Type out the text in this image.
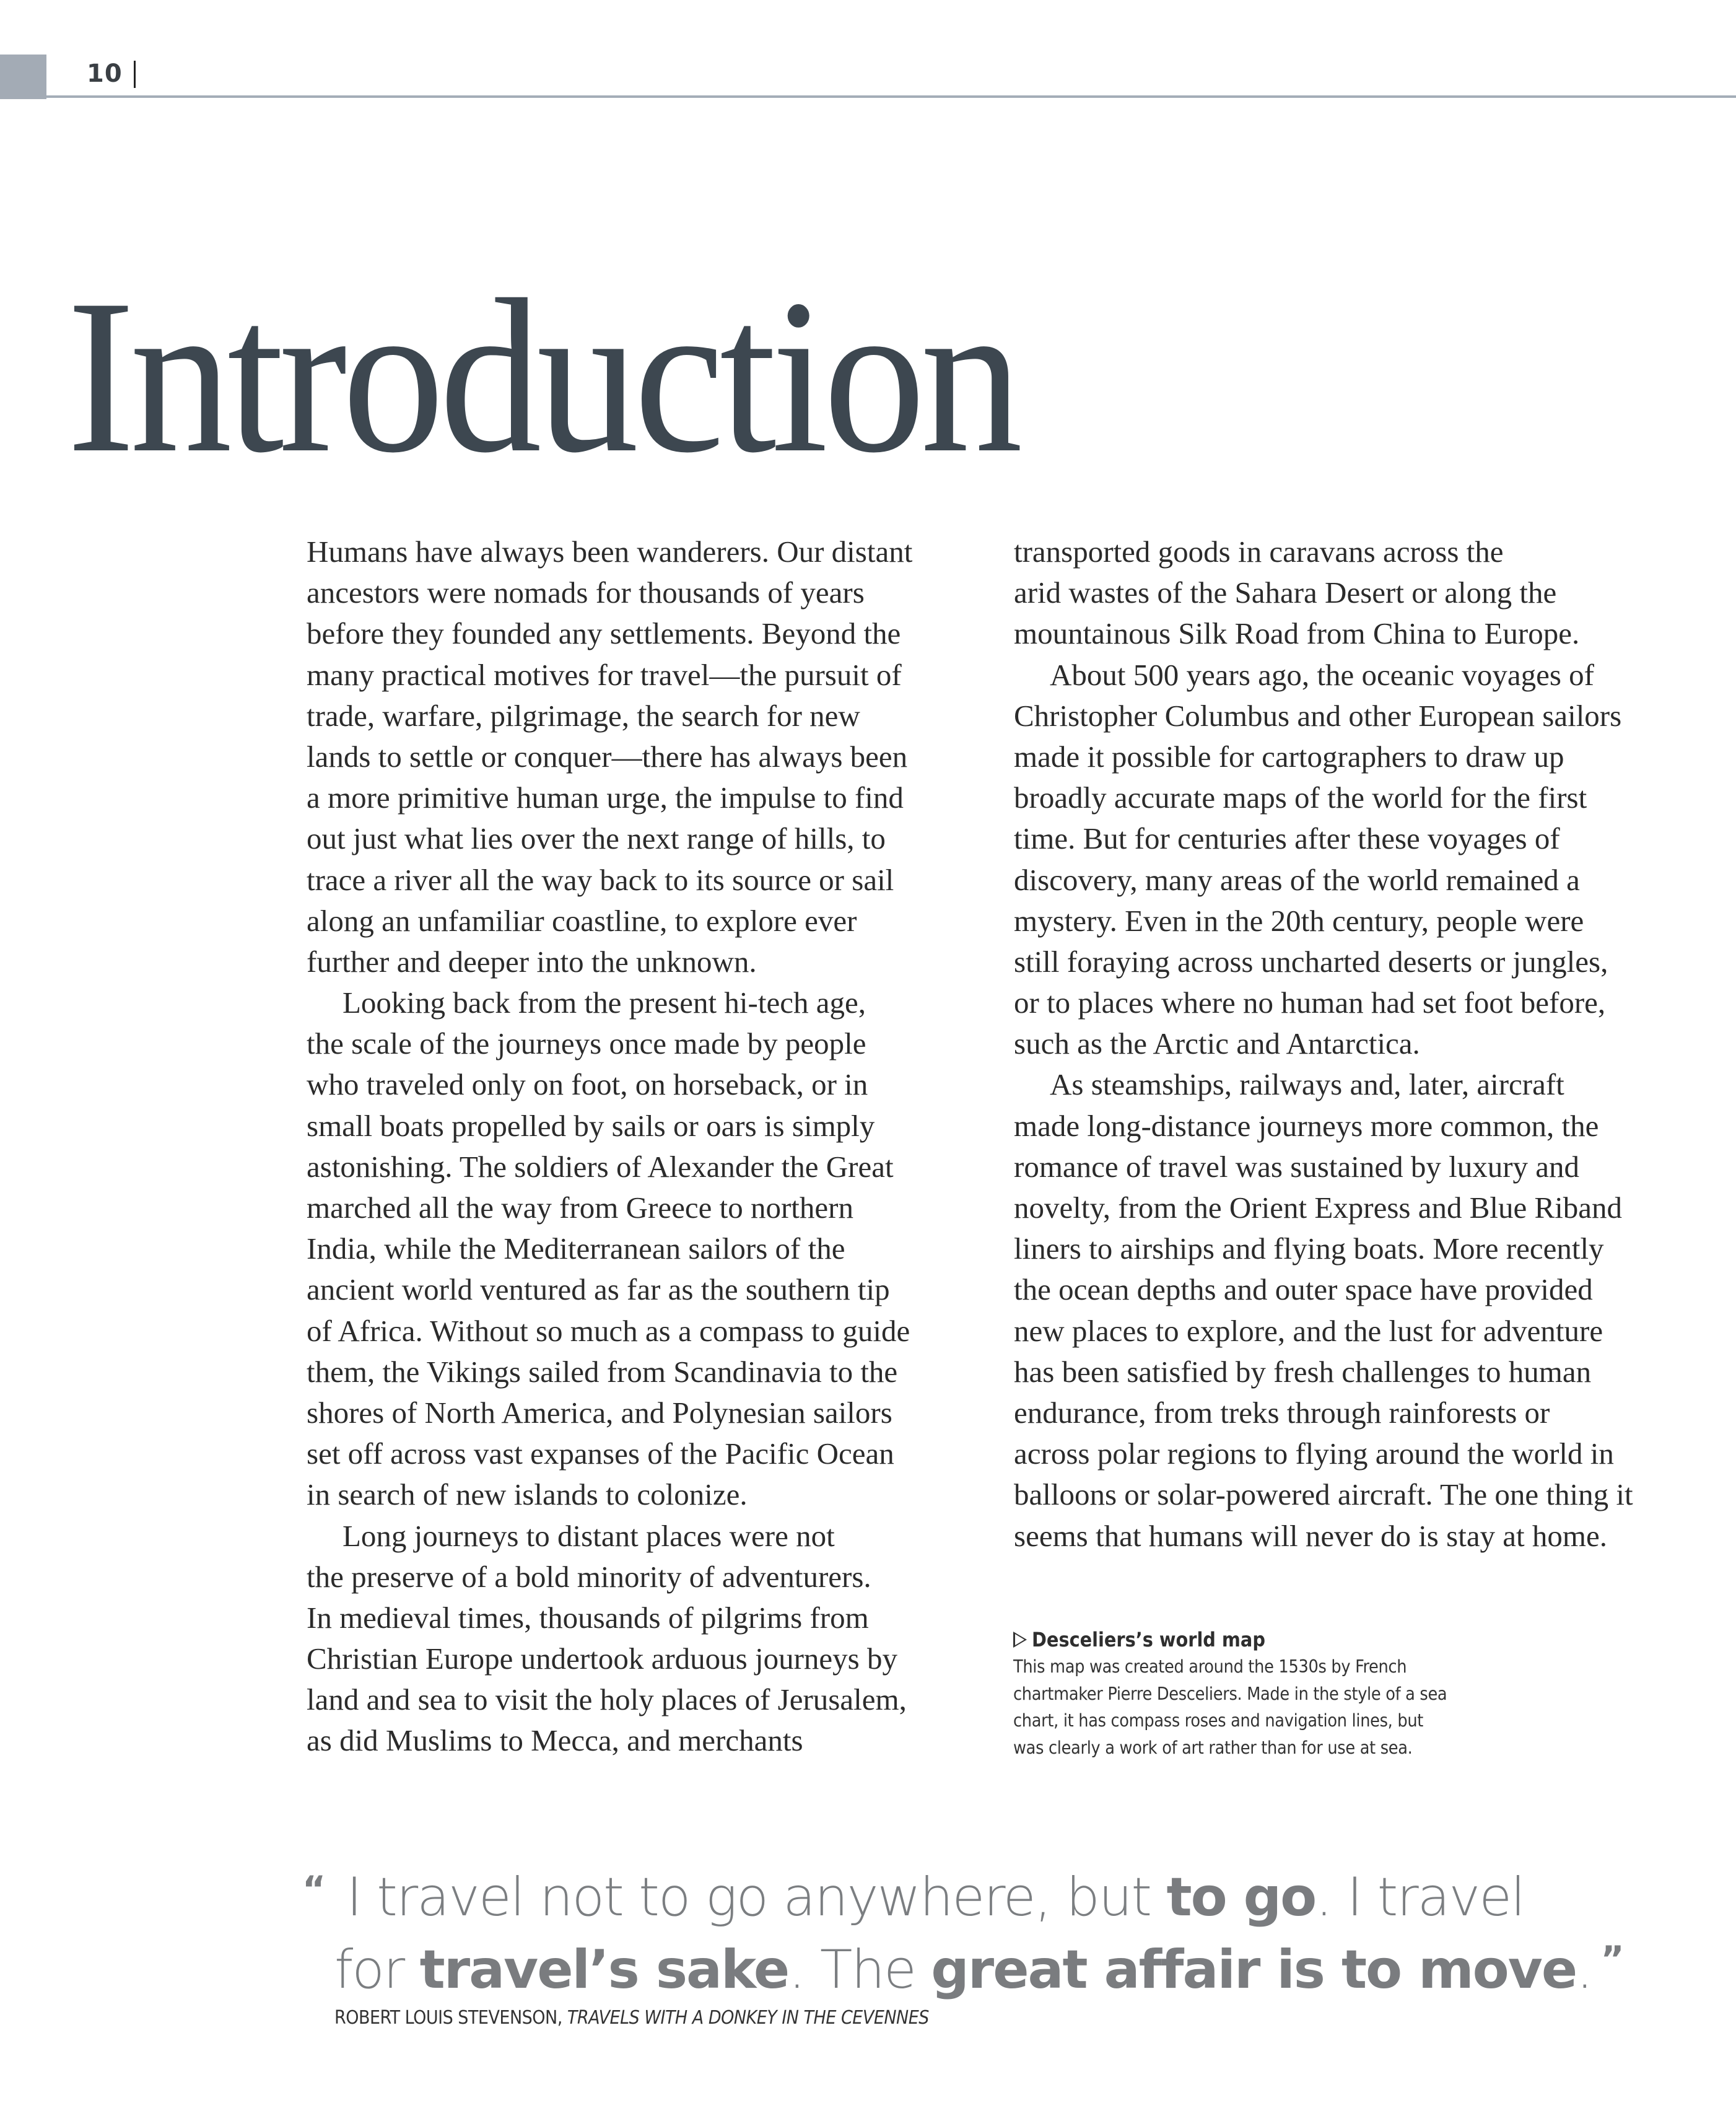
10
Introduction
Humans have always been wanderers. Our distant
ancestors were nomads for thousands of years
before they founded any settlements. Beyond the
many practical motives for travel—the pursuit of
trade, warfare, pilgrimage, the search for new
lands to settle or conquer—there has always been
a more primitive human urge, the impulse to find
out just what lies over the next range of hills, to
trace a river all the way back to its source or sail
along an unfamiliar coastline, to explore ever
further and deeper into the unknown.
Looking back from the present hi-tech age,
the scale of the journeys once made by people
who traveled only on foot, on horseback, or in
small boats propelled by sails or oars is simply
astonishing. The soldiers of Alexander the Great
marched all the way from Greece to northern
India, while the Mediterranean sailors of the
ancient world ventured as far as the southern tip
of Africa. Without so much as a compass to guide
them, the Vikings sailed from Scandinavia to the
shores of North America, and Polynesian sailors
set off across vast expanses of the Pacific Ocean
in search of new islands to colonize.
Long journeys to distant places were not
the preserve of a bold minority of adventurers.
In medieval times, thousands of pilgrims from
Christian Europe undertook arduous journeys by
land and sea to visit the holy places of Jerusalem,
as did Muslims to Mecca, and merchants
transported goods in caravans across the
arid wastes of the Sahara Desert or along the
mountainous Silk Road from China to Europe.
About 500 years ago, the oceanic voyages of
Christopher Columbus and other European sailors
made it possible for cartographers to draw up
broadly accurate maps of the world for the first
time. But for centuries after these voyages of
discovery, many areas of the world remained a
mystery. Even in the 20th century, people were
still foraying across uncharted deserts or jungles,
or to places where no human had set foot before,
such as the Arctic and Antarctica.
As steamships, railways and, later, aircraft
made long-distance journeys more common, the
romance of travel was sustained by luxury and
novelty, from the Orient Express and Blue Riband
liners to airships and flying boats. More recently
the ocean depths and outer space have provided
new places to explore, and the lust for adventure
has been satisfied by fresh challenges to human
endurance, from treks through rainforests or
across polar regions to flying around the world in
balloons or solar-powered aircraft. The one thing it
seems that humans will never do is stay at home.
Desceliers’s world map
This map was created around the 1530s by French
chartmaker Pierre Desceliers. Made in the style of a sea
chart, it has compass roses and navigation lines, but
was clearly a work of art rather than for use at sea.
“ I travel not to go anywhere, but to go. I travel
for travel’s sake. The great affair is to move. ”
ROBERT LOUIS STEVENSON, TRAVELS WITH A DONKEY IN THE CEVENNES
